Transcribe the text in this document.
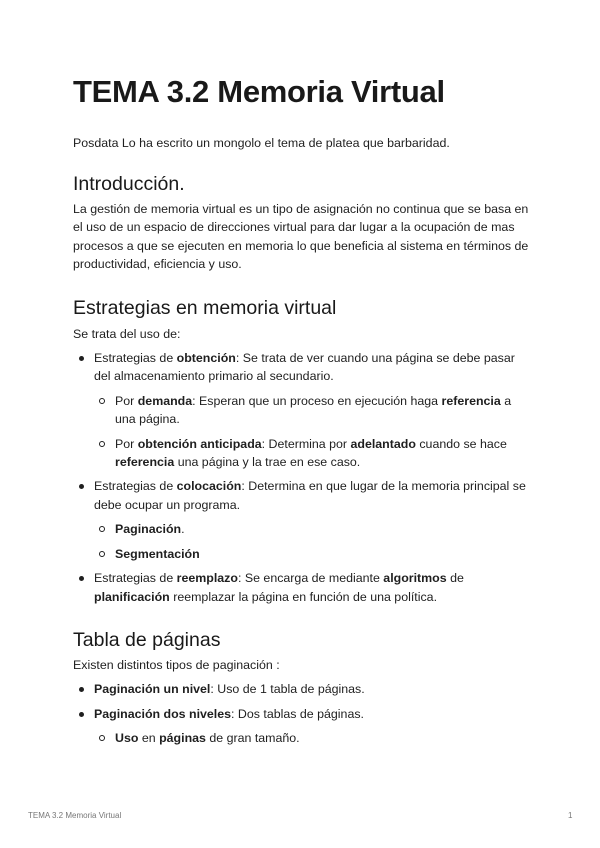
TEMA 3.2 Memoria Virtual

Posdata Lo ha escrito un mongolo el tema de platea que barbaridad.

Introducción.

La gestión de memoria virtual es un tipo de asignación no continua que se basa en el uso de un espacio de direcciones virtual para dar lugar a la ocupación de mas procesos a que se ejecuten en memoria lo que beneficia al sistema en términos de productividad, eficiencia y uso.

Estrategias en memoria virtual

Se trata del uso de:

Estrategias de obtención: Se trata de ver cuando una página se debe pasar del almacenamiento primario al secundario.
Por demanda: Esperan que un proceso en ejecución haga referencia a una página.
Por obtención anticipada: Determina por adelantado cuando se hace referencia una página y la trae en ese caso.
Estrategias de colocación: Determina en que lugar de la memoria principal se debe ocupar un programa.
Paginación.
Segmentación
Estrategias de reemplazo: Se encarga de mediante algoritmos de planificación reemplazar la página en función de una política.
Tabla de páginas

Existen distintos tipos de paginación :

Paginación un nivel: Uso de 1 tabla de páginas.
Paginación dos niveles: Dos tablas de páginas.
Uso en páginas de gran tamaño.
TEMA 3.2 Memoria Virtual	1
